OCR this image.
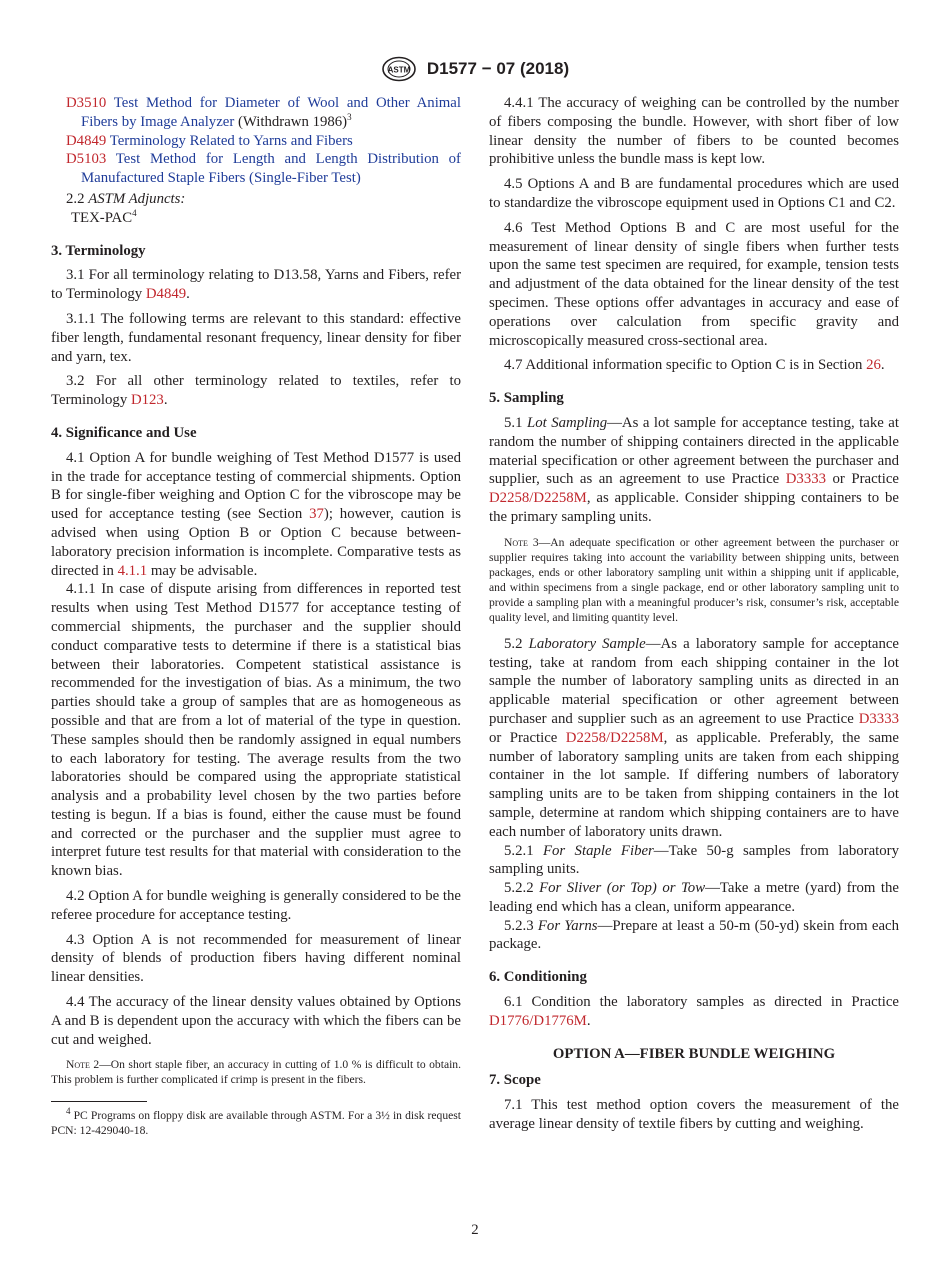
ASTM D1577 − 07 (2018)
D3510 Test Method for Diameter of Wool and Other Animal Fibers by Image Analyzer (Withdrawn 1986)$^3$
D4849 Terminology Related to Yarns and Fibers
D5103 Test Method for Length and Length Distribution of Manufactured Staple Fibers (Single-Fiber Test)

2.2 ASTM Adjuncts:

TEX-PAC$^4$
3. Terminology

3.1 For all terminology relating to D13.58, Yarns and Fibers, refer to Terminology D4849.

3.1.1 The following terms are relevant to this standard: effective fiber length, fundamental resonant frequency, linear density for fiber and yarn, tex.

3.2 For all other terminology related to textiles, refer to Terminology D123.

4. Significance and Use

4.1 Option A for bundle weighing of Test Method D1577 is used in the trade for acceptance testing of commercial shipments. Option B for single-fiber weighing and Option C for the vibroscope may be used for acceptance testing (see Section 37); however, caution is advised when using Option B or Option C because between-laboratory precision information is incomplete. Comparative tests as directed in 4.1.1 may be advisable.

4.1.1 In case of dispute arising from differences in reported test results when using Test Method D1577 for acceptance testing of commercial shipments, the purchaser and the supplier should conduct comparative tests to determine if there is a statistical bias between their laboratories. Competent statistical assistance is recommended for the investigation of bias. As a minimum, the two parties should take a group of samples that are as homogeneous as possible and that are from a lot of material of the type in question. These samples should then be randomly assigned in equal numbers to each laboratory for testing. The average results from the two laboratories should be compared using the appropriate statistical analysis and a probability level chosen by the two parties before testing is begun. If a bias is found, either the cause must be found and corrected or the purchaser and the supplier must agree to interpret future test results for that material with consideration to the known bias.

4.2 Option A for bundle weighing is generally considered to be the referee procedure for acceptance testing.

4.3 Option A is not recommended for measurement of linear density of blends of production fibers having different nominal linear densities.

4.4 The accuracy of the linear density values obtained by Options A and B is dependent upon the accuracy with which the fibers can be cut and weighed.

Note 2—On short staple fiber, an accuracy in cutting of 1.0 % is difficult to obtain. This problem is further complicated if crimp is present in the fibers.

$^4$ PC Programs on floppy disk are available through ASTM. For a 3½ in disk request PCN: 12-429040-18.

4.4.1 The accuracy of weighing can be controlled by the number of fibers composing the bundle. However, with short fiber of low linear density the number of fibers to be counted becomes prohibitive unless the bundle mass is kept low.

4.5 Options A and B are fundamental procedures which are used to standardize the vibroscope equipment used in Options C1 and C2.

4.6 Test Method Options B and C are most useful for the measurement of linear density of single fibers when further tests upon the same test specimen are required, for example, tension tests and adjustment of the data obtained for the linear density of the test specimen. These options offer advantages in accuracy and ease of operations over calculation from specific gravity and microscopically measured cross-sectional area.

4.7 Additional information specific to Option C is in Section 26.

5. Sampling

5.1 Lot Sampling—As a lot sample for acceptance testing, take at random the number of shipping containers directed in the applicable material specification or other agreement between the purchaser and supplier, such as an agreement to use Practice D3333 or Practice D2258/D2258M, as applicable. Consider shipping containers to be the primary sampling units.

Note 3—An adequate specification or other agreement between the purchaser or supplier requires taking into account the variability between shipping units, between packages, ends or other laboratory sampling unit within a shipping unit if applicable, and within specimens from a single package, end or other laboratory sampling unit to provide a sampling plan with a meaningful producer’s risk, consumer’s risk, acceptable quality level, and limiting quantity level.

5.2 Laboratory Sample—As a laboratory sample for acceptance testing, take at random from each shipping container in the lot sample the number of laboratory sampling units as directed in an applicable material specification or other agreement between purchaser and supplier such as an agreement to use Practice D3333 or Practice D2258/D2258M, as applicable. Preferably, the same number of laboratory sampling units are taken from each shipping container in the lot sample. If differing numbers of laboratory sampling units are to be taken from shipping containers in the lot sample, determine at random which shipping containers are to have each number of laboratory units drawn.

5.2.1 For Staple Fiber—Take 50-g samples from laboratory sampling units.

5.2.2 For Sliver (or Top) or Tow—Take a metre (yard) from the leading end which has a clean, uniform appearance.

5.2.3 For Yarns—Prepare at least a 50-m (50-yd) skein from each package.

6. Conditioning

6.1 Condition the laboratory samples as directed in Practice D1776/D1776M.

OPTION A—FIBER BUNDLE WEIGHING
7. Scope

7.1 This test method option covers the measurement of the average linear density of textile fibers by cutting and weighing.

2
